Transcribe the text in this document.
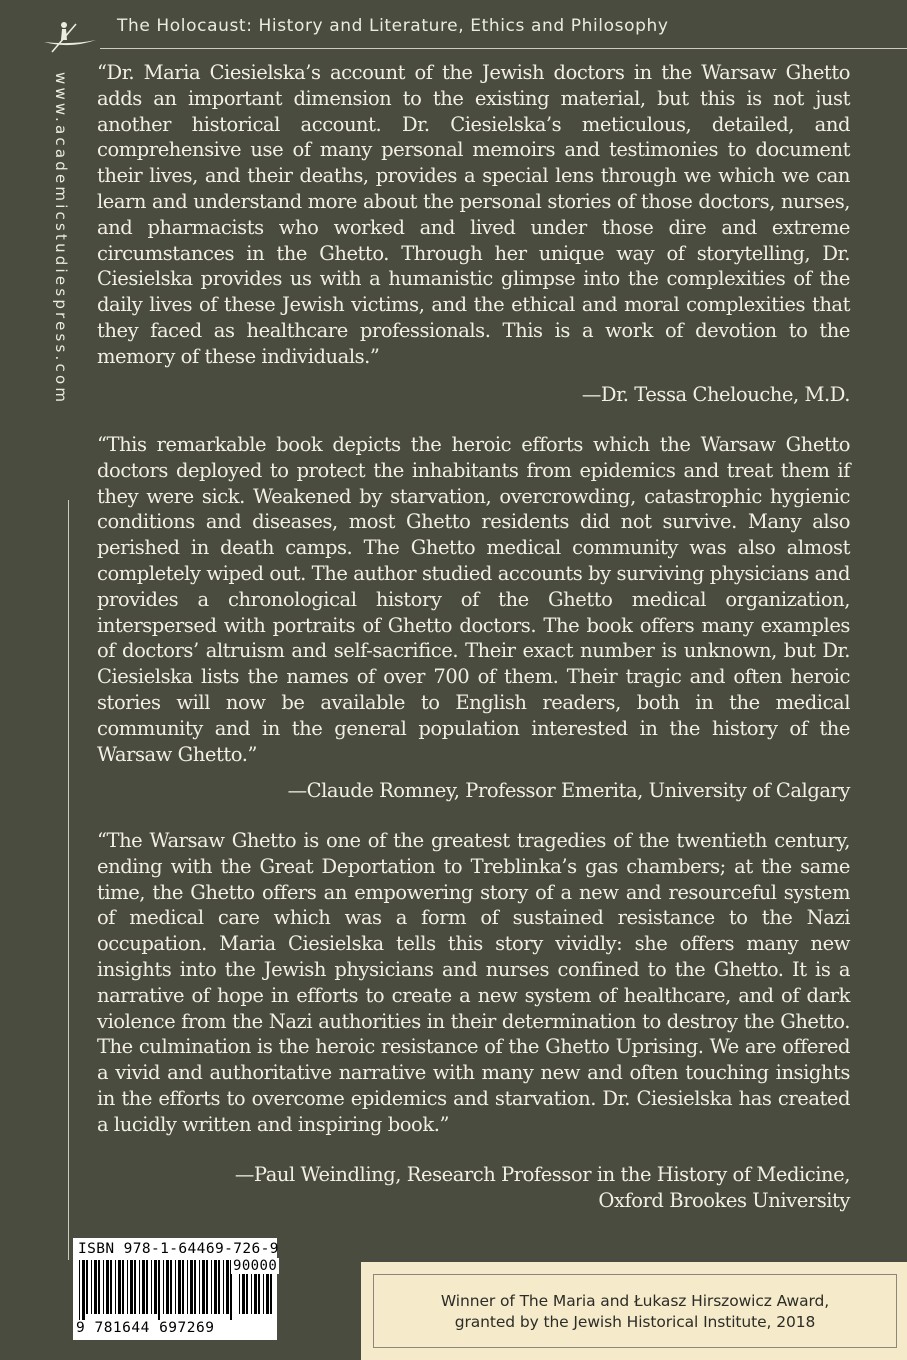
The Holocaust: History and Literature, Ethics and Philosophy
www.academicstudiespress.com “Dr. Maria Ciesielska’s account of the Jewish doctors in the Warsaw Ghetto adds an important dimension to the existing material, but this is not just another historical account. Dr. Ciesielska’s meticulous, detailed, and comprehensive use of many personal memoirs and testimonies to document their lives, and their deaths, provides a special lens through we which we can learn and understand more about the personal stories of those doctors, nurses, and pharmacists who worked and lived under those dire and extreme circumstances in the Ghetto. Through her unique way of storytelling, Dr. Ciesielska provides us with a humanistic glimpse into the complexities of the daily lives of these Jewish victims, and the ethical and moral complexities that they faced as healthcare professionals. This is a work of devotion to the memory of these individuals.”

—Dr. Tessa Chelouche, M.D.

“This remarkable book depicts the heroic efforts which the Warsaw Ghetto doctors deployed to protect the inhabitants from epidemics and treat them if they were sick. Weakened by starvation, overcrowding, catastrophic hygienic conditions and diseases, most Ghetto residents did not survive. Many also perished in death camps. The Ghetto medical community was also almost completely wiped out. The author studied accounts by surviving physicians and provides a chronological history of the Ghetto medical organization, interspersed with portraits of Ghetto doctors. The book offers many examples of doctors’ altruism and self-sacrifice. Their exact number is unknown, but Dr. Ciesielska lists the names of over 700 of them. Their tragic and often heroic stories will now be available to English readers, both in the medical community and in the general population interested in the history of the Warsaw Ghetto.”

—Claude Romney, Professor Emerita, University of Calgary

“The Warsaw Ghetto is one of the greatest tragedies of the twentieth century, ending with the Great Deportation to Treblinka’s gas chambers; at the same time, the Ghetto offers an empowering story of a new and resourceful system of medical care which was a form of sustained resistance to the Nazi occupation. Maria Ciesielska tells this story vividly: she offers many new insights into the Jewish physicians and nurses confined to the Ghetto. It is a narrative of hope in efforts to create a new system of healthcare, and of dark violence from the Nazi authorities in their determination to destroy the Ghetto. The culmination is the heroic resistance of the Ghetto Uprising. We are offered a vivid and authoritative narrative with many new and often touching insights in the efforts to overcome epidemics and starvation. Dr. Ciesielska has created a lucidly written and inspiring book.”

—Paul Weindling, Research Professor in the History of Medicine,

Oxford Brookes University

ISBN 978-1-64469-726-9
90000
9 781644 697269
Winner of The Maria and Łukasz Hirszowicz Award,
granted by the Jewish Historical Institute, 2018
